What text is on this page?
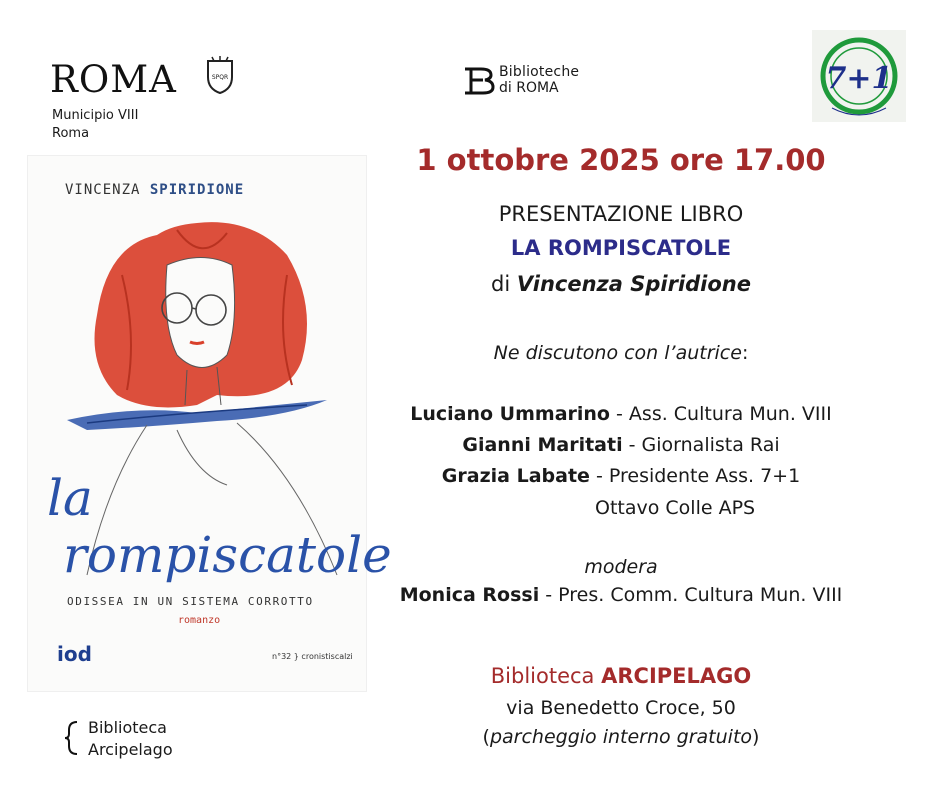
ROMA	SPQR
Municipio VIII
Roma
Biblioteche
di ROMA	7+1
VINCENZA SPIRIDIONE
la
rompiscatole
ODISSEA IN UN SISTEMA CORROTTO
romanzo
iod	n°32 } cronistiscalzi
1 ottobre 2025 ore 17.00
PRESENTAZIONE LIBRO
LA ROMPISCATOLE
di Vincenza Spiridione
Ne discutono con l’autrice:
Luciano Ummarino - Ass. Cultura Mun. VIII
Gianni Maritati - Giornalista Rai
Grazia Labate - Presidente Ass. 7+1
Ottavo Colle APS
modera
Monica Rossi - Pres. Comm. Cultura Mun. VIII
Biblioteca ARCIPELAGO
via Benedetto Croce, 50
(parcheggio interno gratuito)
Biblioteca
Arcipelago
